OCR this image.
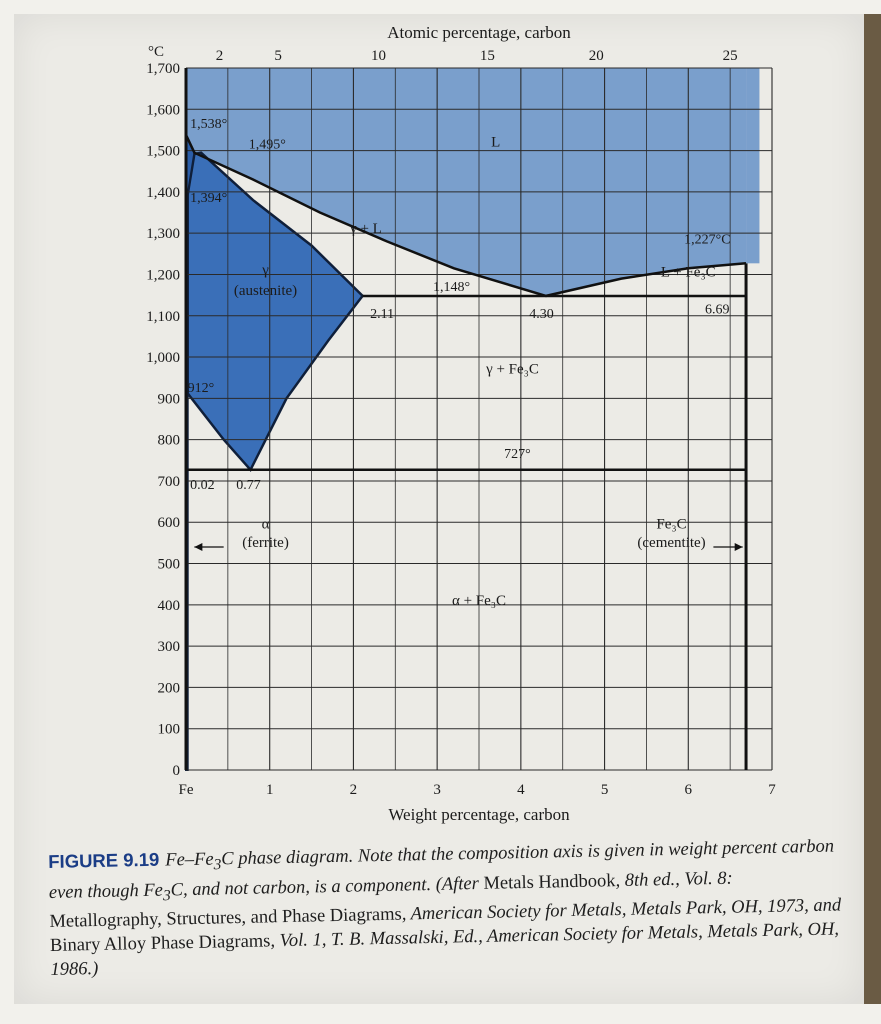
1,700
1,600
1,500
1,400
1,300
1,200
1,100
1,000
900
800
700
600
500
400
300
200
100
0
°C
Fe	1	2	3	4	5	6	7
Weight percentage, carbon
2	5	10	15	20	25
Atomic percentage, carbon
1,538°
1,495°
1,394°
912°
0.02 0.77
2.11
1,148°
4.30
727°
1,227°C
6.69
L
γ + L
γ
(austenite)
L + Fe₃C
γ + Fe₃C
α
(ferrite)
α + Fe₃C
Fe₃C
(cementite)
FIGURE 9.19 $Fe-Fe_3C$ phase diagram. Note that the composition axis is given in weight percent carbon even though $Fe_3C$, and not carbon, is a component. (After Metals Handbook, 8th ed., Vol. 8: Metallography, Structures, and Phase Diagrams, American Society for Metals, Metals Park, OH, 1973, and Binary Alloy Phase Diagrams, Vol. 1, T. B. Massalski, Ed., American Society for Metals, Metals Park, OH, 1986.)
